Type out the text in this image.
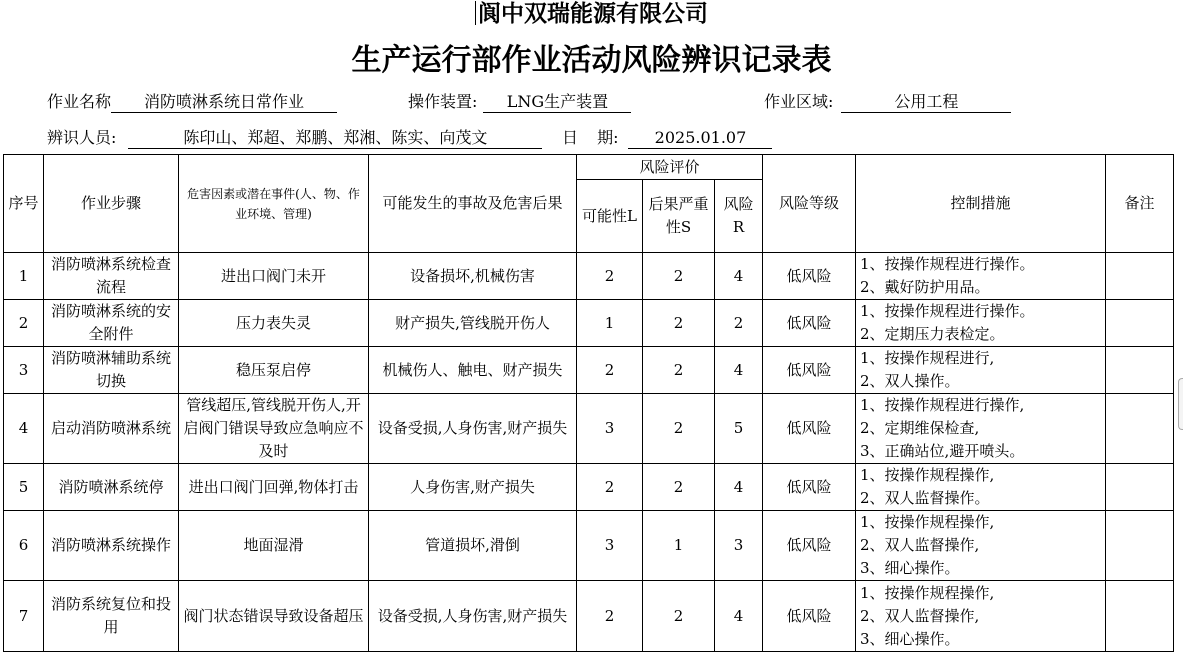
阆中双瑞能源有限公司
生产运行部作业活动风险辨识记录表
作业名称 消防喷淋系统日常作业	操作装置: LNG生产装置	作业区域:	公用工程
辨识人员:	陈印山、郑超、郑鹏、郑湘、陈实、向茂文	日 期: 2025.01.07
序号	作业步骤	危害因素或潜在事件(人、物、作业环境、管理)	可能发生的事故及危害后果	风险评价			风险等级	控制措施	备注
				可能性L	后果严重性S	风险R			
1	消防喷淋系统检查流程	进出口阀门未开	设备损坏,机械伤害	2	2	4	低风险	1、按操作规程进行操作。
2、戴好防护用品。	

2	消防喷淋系统的安全附件	压力表失灵	财产损失,管线脱开伤人	1	2	2	低风险	1、按操作规程进行操作。
2、定期压力表检定。	

3	消防喷淋辅助系统切换	稳压泵启停	机械伤人、触电、财产损失	2	2	4	低风险	1、按操作规程进行,
2、双人操作。	

4	启动消防喷淋系统	管线超压,管线脱开伤人,开启阀门错误导致应急响应不及时	设备受损,人身伤害,财产损失	3	2	5	低风险	1、按操作规程进行操作,
2、定期维保检查,
3、正确站位,避开喷头。	

5	消防喷淋系统停	进出口阀门回弹,物体打击	人身伤害,财产损失	2	2	4	低风险	1、按操作规程操作,
2、双人监督操作。	

6	消防喷淋系统操作	地面湿滑	管道损坏,滑倒	3	1	3	低风险	1、按操作规程操作,
2、双人监督操作,
3、细心操作。	

7	消防系统复位和投用	阀门状态错误导致设备超压	设备受损,人身伤害,财产损失	2	2	4	低风险	1、按操作规程操作,
2、双人监督操作,
3、细心操作。	
